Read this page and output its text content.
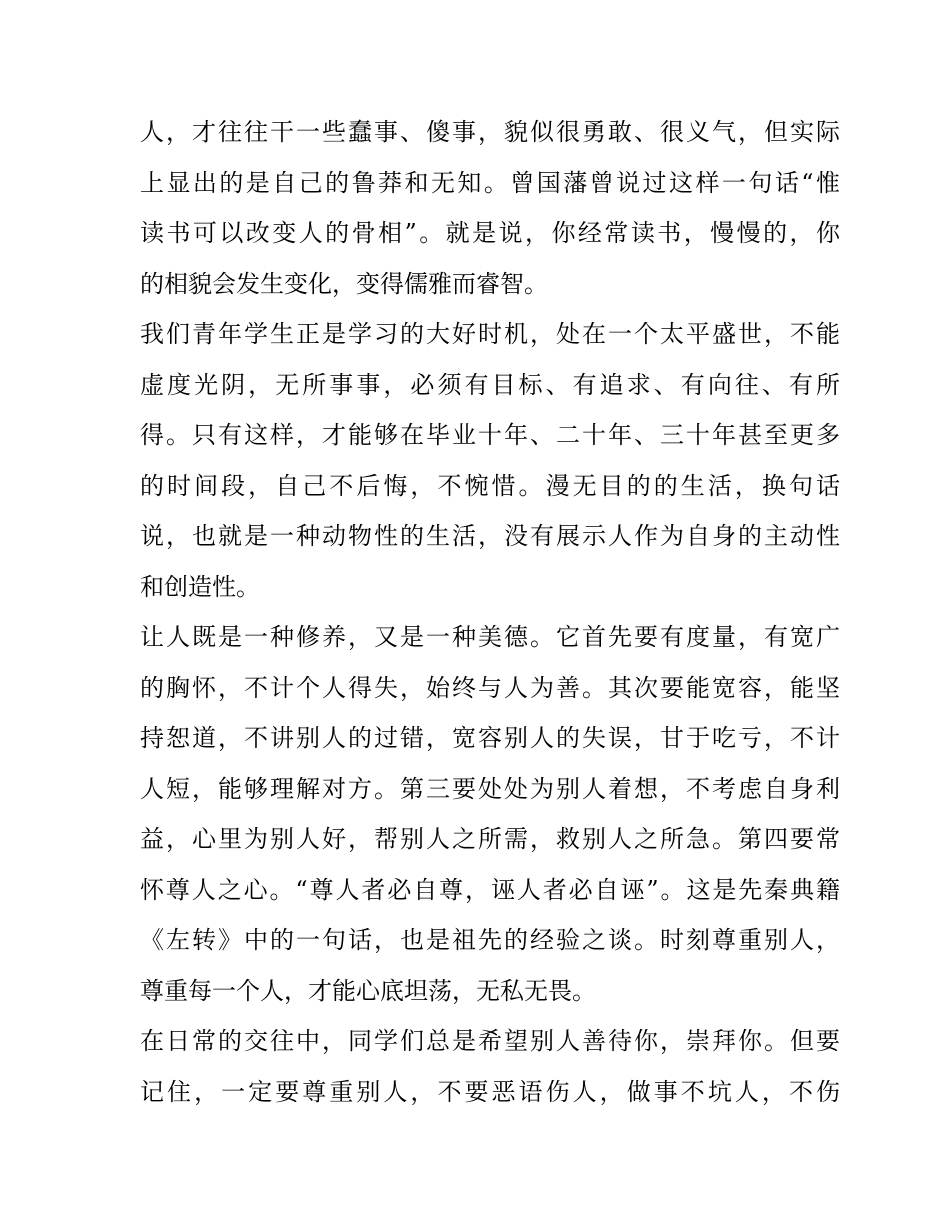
人，才往往干一些蠢事、傻事，貌似很勇敢、很义气，但实际
上显出的是自己的鲁莽和无知。曾国藩曾说过这样一句话“惟
读书可以改变人的骨相”。就是说，你经常读书，慢慢的，你
的相貌会发生变化，变得儒雅而睿智。
我们青年学生正是学习的大好时机，处在一个太平盛世，不能
虚度光阴，无所事事，必须有目标、有追求、有向往、有所
得。只有这样，才能够在毕业十年、二十年、三十年甚至更多
的时间段，自己不后悔，不惋惜。漫无目的的生活，换句话
说，也就是一种动物性的生活，没有展示人作为自身的主动性
和创造性。
让人既是一种修养，又是一种美德。它首先要有度量，有宽广
的胸怀，不计个人得失，始终与人为善。其次要能宽容，能坚
持恕道，不讲别人的过错，宽容别人的失误，甘于吃亏，不计
人短，能够理解对方。第三要处处为别人着想，不考虑自身利
益，心里为别人好，帮别人之所需，救别人之所急。第四要常
怀尊人之心。“尊人者必自尊，诬人者必自诬”。这是先秦典籍
《左转》中的一句话，也是祖先的经验之谈。时刻尊重别人，
尊重每一个人，才能心底坦荡，无私无畏。
在日常的交往中，同学们总是希望别人善待你，崇拜你。但要
记住，一定要尊重别人，不要恶语伤人，做事不坑人，不伤
